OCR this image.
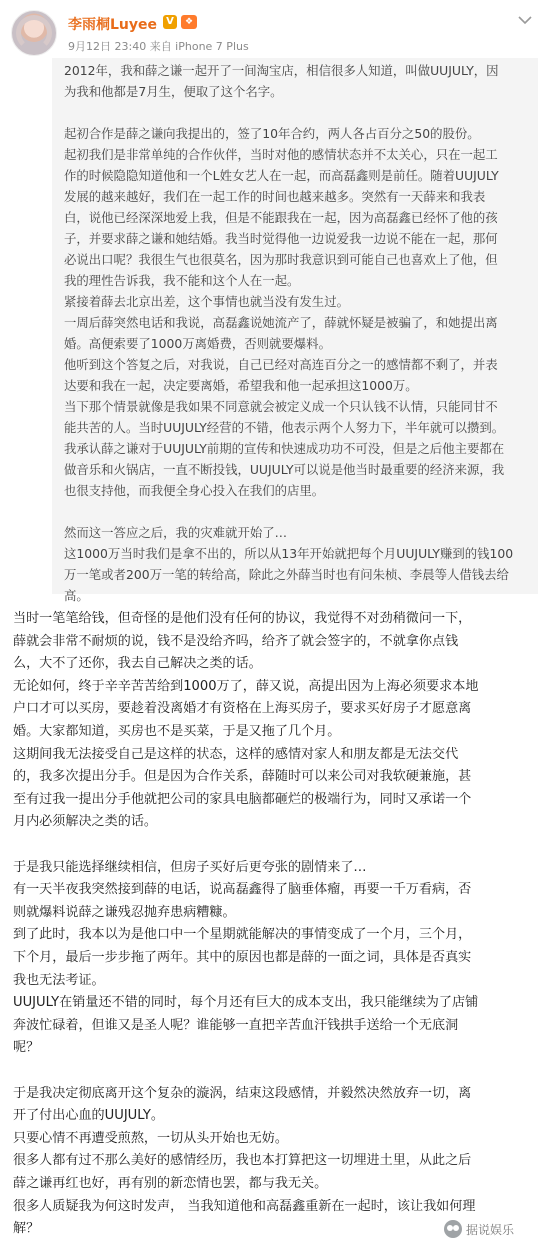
李雨桐Luyee V	❖
9月12日 23:40 来自 iPhone 7 Plus
2012年，我和薛之谦一起开了一间淘宝店，相信很多人知道，叫做UUJULY，因
为我和他都是7月生，便取了这个名字。
起初合作是薛之谦向我提出的，签了10年合约，两人各占百分之50的股份。
起初我们是非常单纯的合作伙伴，当时对他的感情状态并不太关心，只在一起工
作的时候隐隐知道他和一个L姓女艺人在一起，而高磊鑫则是前任。随着UUJULY
发展的越来越好，我们在一起工作的时间也越来越多。突然有一天薛来和我表
白，说他已经深深地爱上我，但是不能跟我在一起，因为高磊鑫已经怀了他的孩
子，并要求薛之谦和她结婚。我当时觉得他一边说爱我一边说不能在一起，那何
必说出口呢？我很生气也很莫名，因为那时我意识到可能自己也喜欢上了他，但
我的理性告诉我，我不能和这个人在一起。
紧接着薛去北京出差，这个事情也就当没有发生过。
一周后薛突然电话和我说，高磊鑫说她流产了，薛就怀疑是被骗了，和她提出离
婚。高便索要了1000万离婚费，否则就要爆料。
他听到这个答复之后，对我说，自己已经对高连百分之一的感情都不剩了，并表
达要和我在一起，决定要离婚，希望我和他一起承担这1000万。
当下那个情景就像是我如果不同意就会被定义成一个只认钱不认情，只能同甘不
能共苦的人。当时UUJULY经营的不错，他表示两个人努力下，半年就可以攒到。
我承认薛之谦对于UUJULY前期的宣传和快速成功功不可没，但是之后他主要都在
做音乐和火锅店，一直不断投钱，UUJULY可以说是他当时最重要的经济来源，我
也很支持他，而我便全身心投入在我们的店里。
然而这一答应之后，我的灾难就开始了…
这1000万当时我们是拿不出的，所以从13年开始就把每个月UUJULY赚到的钱100
万一笔或者200万一笔的转给高，除此之外薛当时也有问朱桢、李晨等人借钱去给
高。
当时一笔笔给钱，但奇怪的是他们没有任何的协议，我觉得不对劲稍微问一下，
薛就会非常不耐烦的说，钱不是没给齐吗，给齐了就会签字的，不就拿你点钱
么，大不了还你，我去自己解决之类的话。
无论如何，终于辛辛苦苦给到1000万了，薛又说，高提出因为上海必须要求本地
户口才可以买房，要趁着没离婚才有资格在上海买房子，要求买好房子才愿意离
婚。大家都知道，买房也不是买菜，于是又拖了几个月。
这期间我无法接受自己是这样的状态，这样的感情对家人和朋友都是无法交代
的，我多次提出分手。但是因为合作关系，薛随时可以来公司对我软硬兼施，甚
至有过我一提出分手他就把公司的家具电脑都砸烂的极端行为，同时又承诺一个
月内必须解决之类的话。
于是我只能选择继续相信，但房子买好后更夸张的剧情来了…
有一天半夜我突然接到薛的电话，说高磊鑫得了脑垂体瘤，再要一千万看病，否
则就爆料说薛之谦残忍抛弃患病糟糠。
到了此时，我本以为是他口中一个星期就能解决的事情变成了一个月，三个月，
下个月，最后一步步拖了两年。其中的原因也都是薛的一面之词，具体是否真实
我也无法考证。
UUJULY在销量还不错的同时，每个月还有巨大的成本支出，我只能继续为了店铺
奔波忙碌着，但谁又是圣人呢？谁能够一直把辛苦血汗钱拱手送给一个无底洞
呢？
于是我决定彻底离开这个复杂的漩涡，结束这段感情，并毅然决然放弃一切，离
开了付出心血的UUJULY。
只要心情不再遭受煎熬，一切从头开始也无妨。
很多人都有过不那么美好的感情经历，我也本打算把这一切埋进土里，从此之后
薛之谦再红也好，再有别的新恋情也罢，都与我无关。
很多人质疑我为何这时发声， 当我知道他和高磊鑫重新在一起时，该让我如何理
解？	据说娱乐
